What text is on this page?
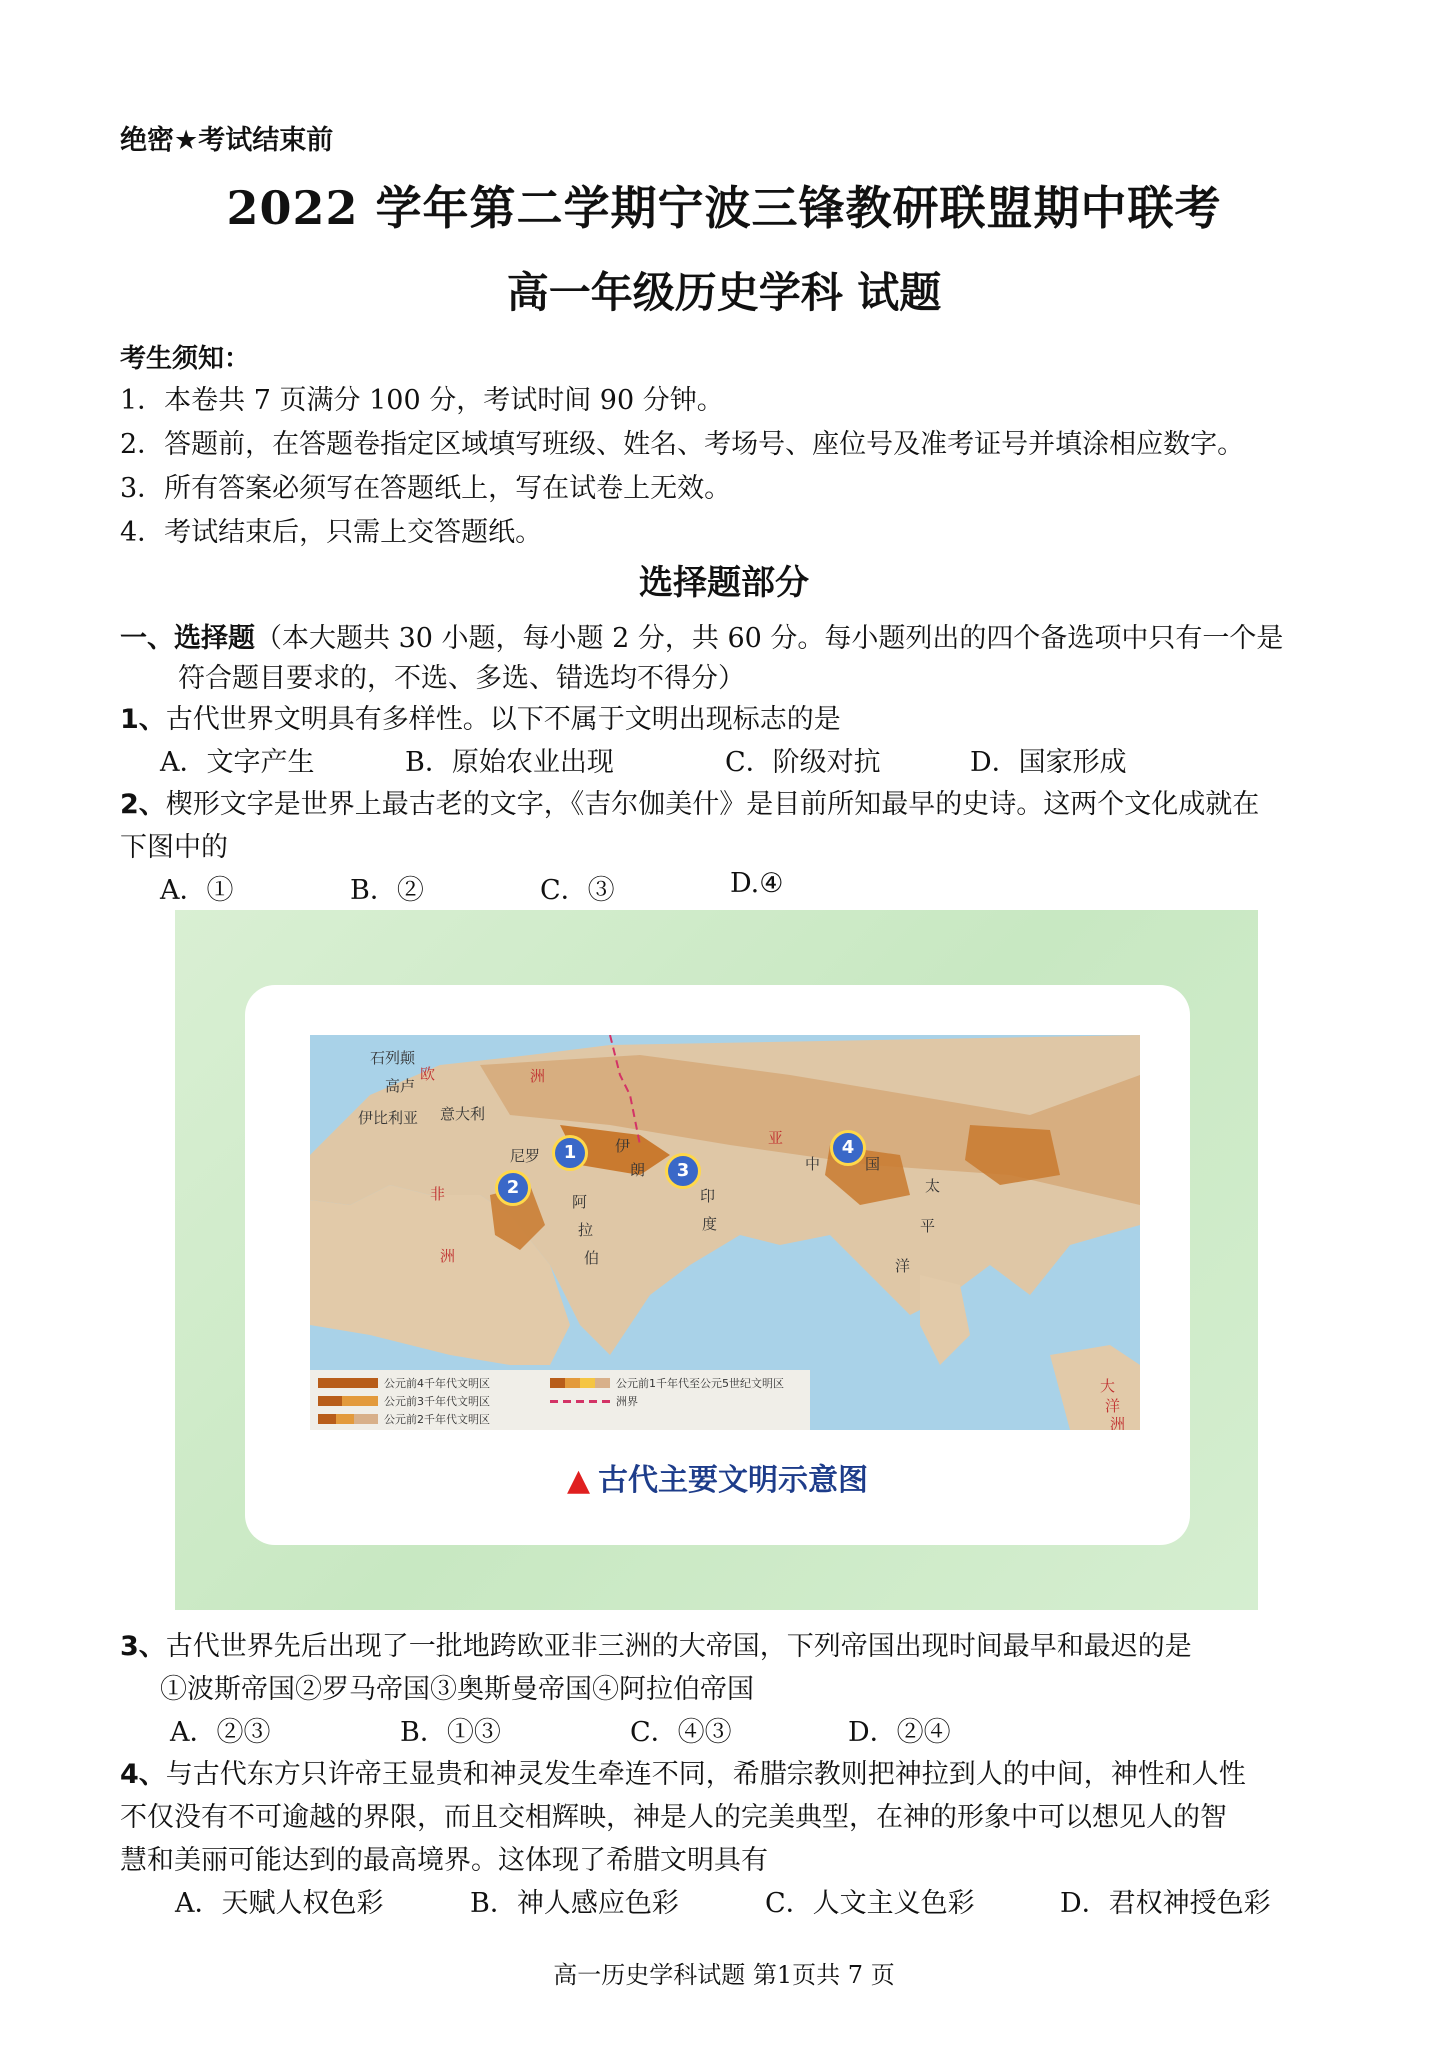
绝密★考试结束前
2022 学年第二学期宁波三锋教研联盟期中联考
高一年级历史学科 试题
考生须知：
1．本卷共 7 页满分 100 分，考试时间 90 分钟。
2．答题前，在答题卷指定区域填写班级、姓名、考场号、座位号及准考证号并填涂相应数字。
3．所有答案必须写在答题纸上，写在试卷上无效。
4．考试结束后，只需上交答题纸。
选择题部分
一、选择题（本大题共 30 小题，每小题 2 分，共 60 分。每小题列出的四个备选项中只有一个是
符合题目要求的，不选、多选、错选均不得分）
1、古代世界文明具有多样性。以下不属于文明出现标志的是
A．文字产生	B．原始农业出现	C．阶级对抗	D．国家形成
2、楔形文字是世界上最古老的文字，《吉尔伽美什》是目前所知最早的史诗。这两个文化成就在
下图中的
A．①	B．②	C．③	D.④
1
2
3
4
石列颠
高卢
欧	洲
伊比利亚 意大利
尼罗
非
洲
伊
朗
阿
拉
伯
亚
印
度
中	国
太
平
洋
大
洋
洲
公元前4千年代文明区
公元前3千年代文明区
公元前2千年代文明区
公元前1千年代至公元5世纪文明区
洲界
▲ 古代主要文明示意图
3、古代世界先后出现了一批地跨欧亚非三洲的大帝国，下列帝国出现时间最早和最迟的是
①波斯帝国②罗马帝国③奥斯曼帝国④阿拉伯帝国
A．②③	B．①③	C．④③	D．②④
4、与古代东方只许帝王显贵和神灵发生牵连不同，希腊宗教则把神拉到人的中间，神性和人性
不仅没有不可逾越的界限，而且交相辉映，神是人的完美典型，在神的形象中可以想见人的智
慧和美丽可能达到的最高境界。这体现了希腊文明具有
A．天赋人权色彩	B．神人感应色彩	C．人文主义色彩	D．君权神授色彩
高一历史学科试题 第1页共 7 页
